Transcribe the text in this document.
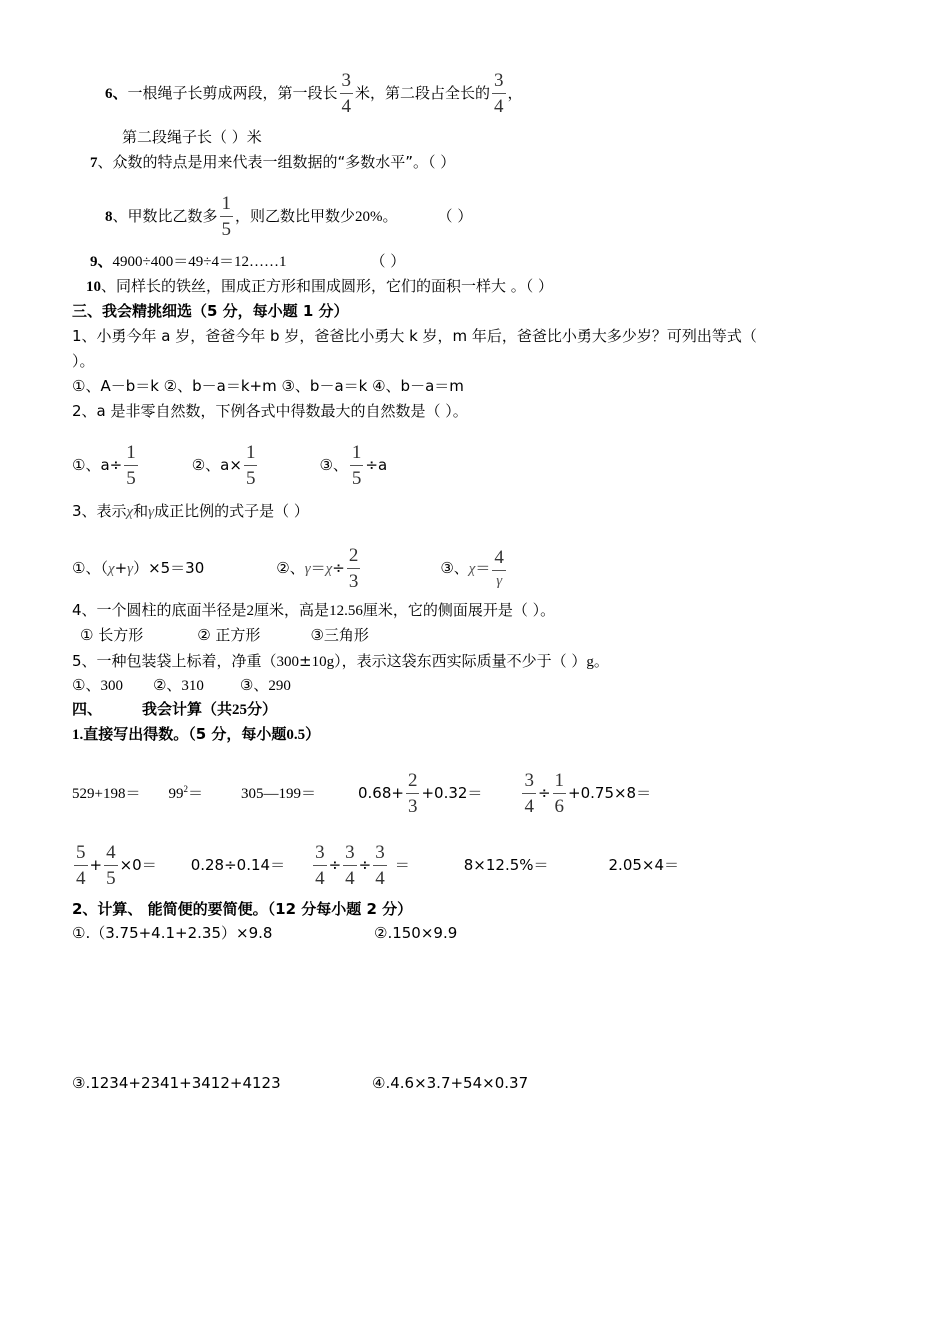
6、一根绳子长剪成两段，第一段长 $\frac{3}{4}$ 米，第二段占全长的 $\frac{3}{4}$ ，
第二段绳子长（ ）米
7、众数的特点是用来代表一组数据的“多数水平”。（ ）
8、甲数比乙数多 $\frac{1}{5}$ ，则乙数比甲数少20%。	（ ）
9、4900÷400＝49÷4＝12……1	（ ）
10、同样长的铁丝，围成正方形和围成圆形，它们的面积一样大 。（ ）
三、我会精挑细选（5 分，每小题 1 分）
1、小勇今年 a 岁，爸爸今年 b 岁，爸爸比小勇大 k 岁，m 年后，爸爸比小勇大多少岁？可列出等式（
）。
①、A－b＝k ②、b－a＝k+m ③、b－a＝k ④、b－a＝m
2、a 是非零自然数，下例各式中得数最大的自然数是（ ）。
①、$a\div \frac{1}{5}$	②、$a\times \frac{1}{5}$	③、 $\frac{1}{5} \div a$
3、表示χ和γ成正比例的式子是（ ）
①、（χ+γ）×5＝30	②、$\gamma=\chi\div \frac{2}{3}$	③、χ＝ 4
γ
4、一个圆柱的底面半径是2厘米，高是12.56厘米，它的侧面展开是（ ）。
① 长方形	② 正方形	③三角形
5、一种包装袋上标着，净重（300±10g），表示这袋东西实际质量不少于（ ）g。
①、300 ②、310 ③、290
四、	我会计算（共25分）
1.直接写出得数。（5 分，每小题0.5）
$529+198= 99^2=$	305—199＝	$0.68+ \frac{2}{3} +0.32= \frac{3}{4} \div \frac{1}{6} +0.75\times 8=$
$\frac{5}{4} + \frac{4}{5} \times 0= 0.28\div 0.14= \frac{3}{4} \div \frac{3}{4} \div \frac{3}{4}$ ＝	8×12.5%＝	2.05×4＝
2、计算、 能简便的要简便。（12 分每小题 2 分）
①.（3.75+4.1+2.35）×9.8	②.150×9.9
③.1234+2341+3412+4123	④.4.6×3.7+54×0.37
